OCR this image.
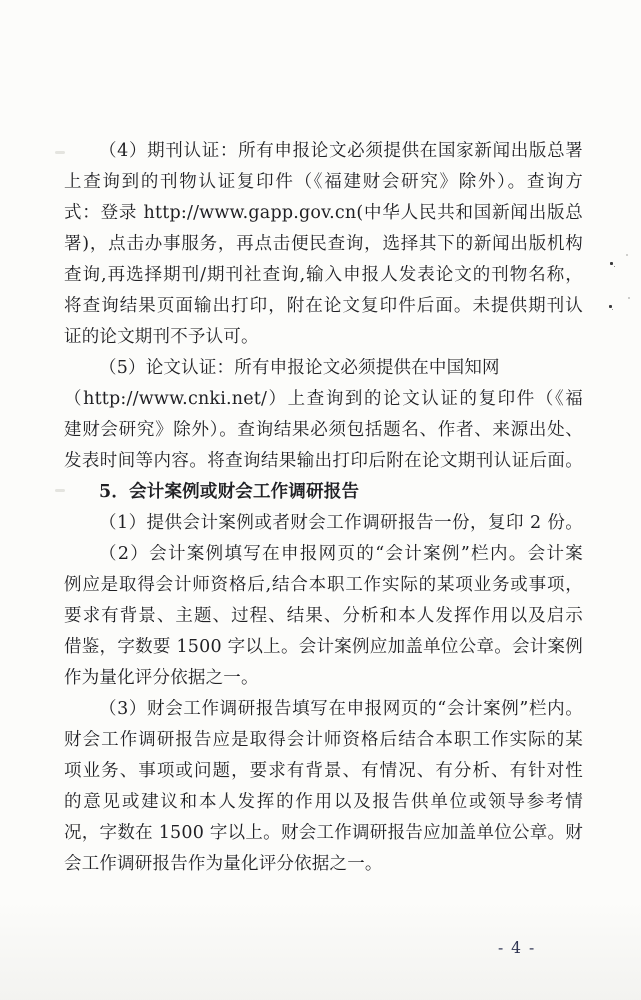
（4）期刊认证：所有申报论文必须提供在国家新闻出版总署
上查询到的刊物认证复印件（《福建财会研究》除外）。查询方
式：登录 http://www.gapp.gov.cn(中华人民共和国新闻出版总
署)，点击办事服务，再点击便民查询，选择其下的新闻出版机构
查询,再选择期刊/期刊社查询,输入申报人发表论文的刊物名称，
将查询结果页面输出打印，附在论文复印件后面。未提供期刊认
证的论文期刊不予认可。
（5）论文认证：所有申报论文必须提供在中国知网
（http://www.cnki.net/）上查询到的论文认证的复印件（《福
建财会研究》除外）。查询结果必须包括题名、作者、来源出处、
发表时间等内容。将查询结果输出打印后附在论文期刊认证后面。
5．会计案例或财会工作调研报告
（1）提供会计案例或者财会工作调研报告一份，复印 2 份。
（2）会计案例填写在申报网页的“会计案例”栏内。会计案
例应是取得会计师资格后,结合本职工作实际的某项业务或事项，
要求有背景、主题、过程、结果、分析和本人发挥作用以及启示
借鉴，字数要 1500 字以上。会计案例应加盖单位公章。会计案例
作为量化评分依据之一。
（3）财会工作调研报告填写在申报网页的“会计案例”栏内。
财会工作调研报告应是取得会计师资格后结合本职工作实际的某
项业务、事项或问题，要求有背景、有情况、有分析、有针对性
的意见或建议和本人发挥的作用以及报告供单位或领导参考情
况，字数在 1500 字以上。财会工作调研报告应加盖单位公章。财
会工作调研报告作为量化评分依据之一。
- 4 -
